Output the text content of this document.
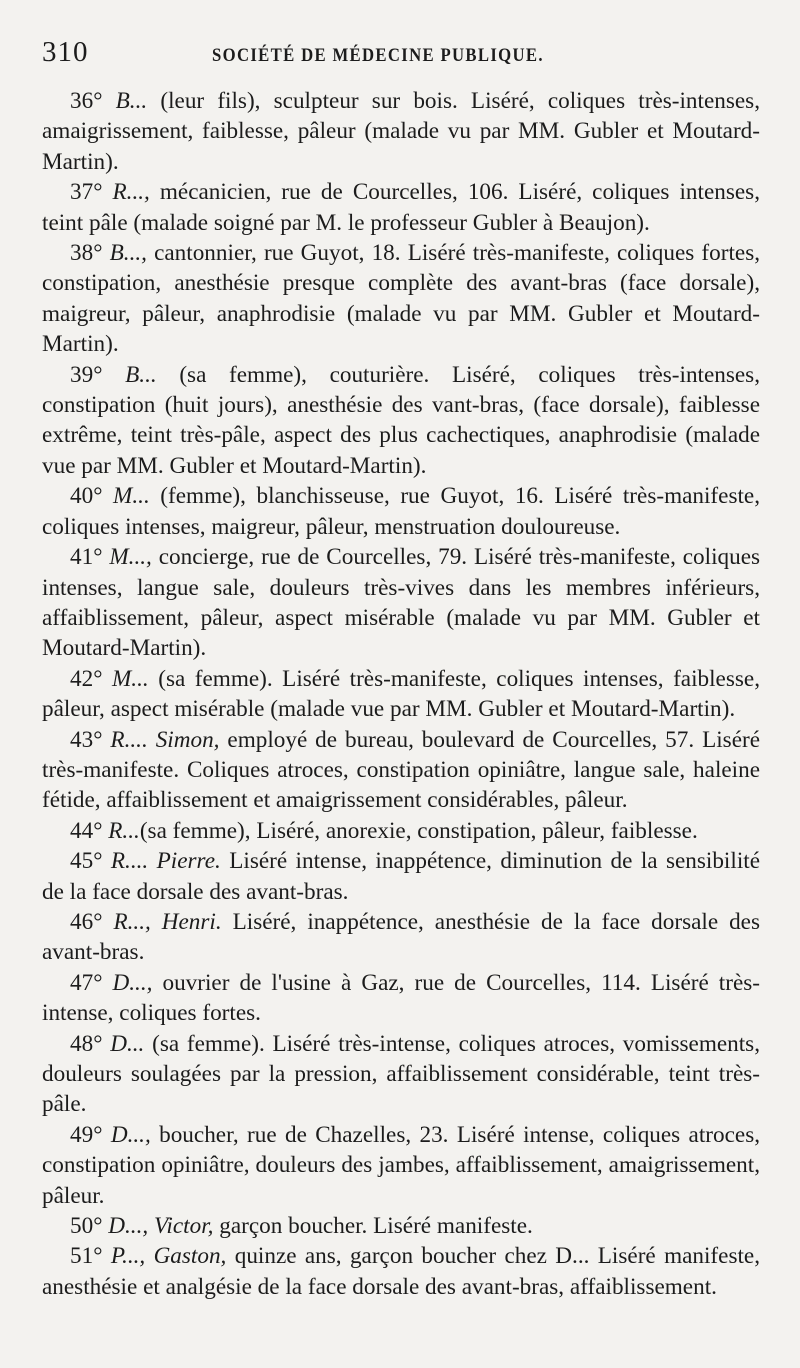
310	SOCIÉTÉ DE MÉDECINE PUBLIQUE.

36° B... (leur fils), sculpteur sur bois. Liséré, coliques très-intenses, amaigrissement, faiblesse, pâleur (malade vu par MM. Gubler et Moutard-Martin).

37° R..., mécanicien, rue de Courcelles, 106. Liséré, coliques intenses, teint pâle (malade soigné par M. le professeur Gubler à Beaujon).

38° B..., cantonnier, rue Guyot, 18. Liséré très-manifeste, coliques fortes, constipation, anesthésie presque complète des avant-bras (face dorsale), maigreur, pâleur, anaphrodisie (malade vu par MM. Gubler et Moutard-Martin).

39° B... (sa femme), couturière. Liséré, coliques très-intenses, constipation (huit jours), anesthésie des vant-bras, (face dorsale), faiblesse extrême, teint très-pâle, aspect des plus cachectiques, anaphrodisie (malade vue par MM. Gubler et Moutard-Martin).

40° M... (femme), blanchisseuse, rue Guyot, 16. Liséré très-manifeste, coliques intenses, maigreur, pâleur, menstruation douloureuse.

41° M..., concierge, rue de Courcelles, 79. Liséré très-manifeste, coliques intenses, langue sale, douleurs très-vives dans les membres inférieurs, affaiblissement, pâleur, aspect misérable (malade vu par MM. Gubler et Moutard-Martin).

42° M... (sa femme). Liséré très-manifeste, coliques intenses, faiblesse, pâleur, aspect misérable (malade vue par MM. Gubler et Moutard-Martin).

43° R.... Simon, employé de bureau, boulevard de Courcelles, 57. Liséré très-manifeste. Coliques atroces, constipation opiniâtre, langue sale, haleine fétide, affaiblissement et amaigrissement considérables, pâleur.

44° R...(sa femme), Liséré, anorexie, constipation, pâleur, faiblesse.

45° R.... Pierre. Liséré intense, inappétence, diminution de la sensibilité de la face dorsale des avant-bras.

46° R..., Henri. Liséré, inappétence, anesthésie de la face dorsale des avant-bras.

47° D..., ouvrier de l'usine à Gaz, rue de Courcelles, 114. Liséré très-intense, coliques fortes.

48° D... (sa femme). Liséré très-intense, coliques atroces, vomissements, douleurs soulagées par la pression, affaiblissement considérable, teint très-pâle.

49° D..., boucher, rue de Chazelles, 23. Liséré intense, coliques atroces, constipation opiniâtre, douleurs des jambes, affaiblissement, amaigrissement, pâleur.

50° D..., Victor, garçon boucher. Liséré manifeste.

51° P..., Gaston, quinze ans, garçon boucher chez D... Liséré manifeste, anesthésie et analgésie de la face dorsale des avant-bras, affaiblissement.
